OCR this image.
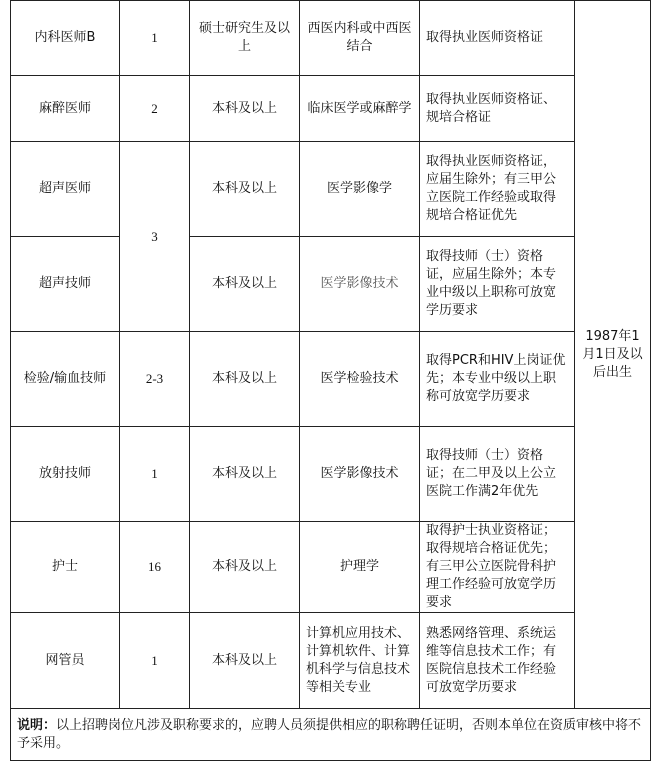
内科医师B	1	硕士研究生及以上	西医内科或中西医结合	取得执业医师资格证	1987年1月1日及以后出生
麻醉医师	2	本科及以上	临床医学或麻醉学	取得执业医师资格证、规培合格证	
超声医师	3	本科及以上	医学影像学	取得执业医师资格证，应届生除外；有三甲公立医院工作经验或取得规培合格证优先	
超声技师		本科及以上	医学影像技术	取得技师（士）资格证，应届生除外；本专业中级以上职称可放宽学历要求	
检验/输血技师	2-3	本科及以上	医学检验技术	取得PCR和HIV上岗证优先；本专业中级以上职称可放宽学历要求	
放射技师	1	本科及以上	医学影像技术	取得技师（士）资格证；在二甲及以上公立医院工作满2年优先	
护士	16	本科及以上	护理学	取得护士执业资格证；取得规培合格证优先；有三甲公立医院骨科护理工作经验可放宽学历要求	
网管员	1	本科及以上	计算机应用技术、计算机软件、计算机科学与信息技术等相关专业	熟悉网络管理、系统运维等信息技术工作；有医院信息技术工作经验可放宽学历要求	
说明：以上招聘岗位凡涉及职称要求的，应聘人员须提供相应的职称聘任证明，否则本单位在资质审核中将不予采用。					
